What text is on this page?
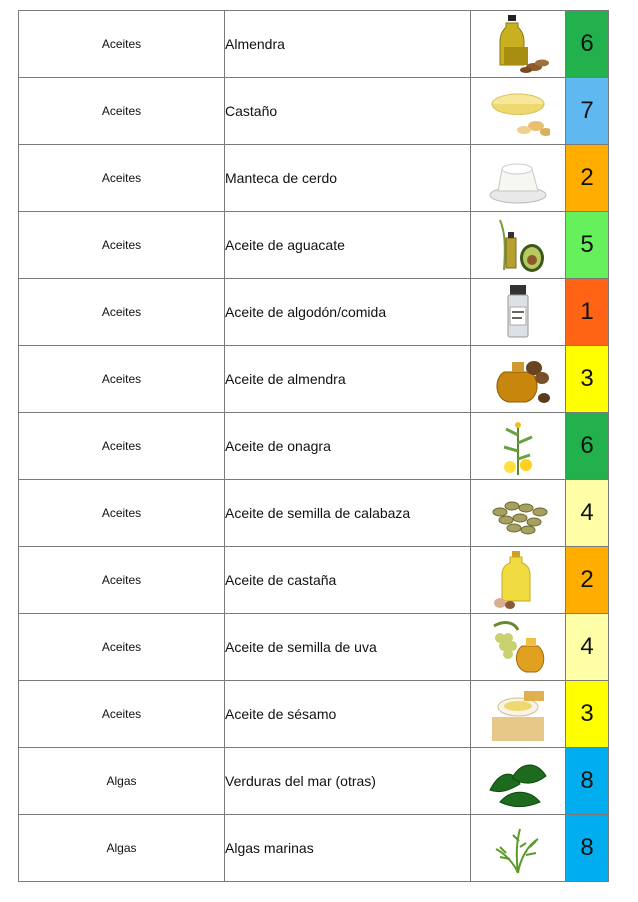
Aceites	Almendra		6
Aceites	Castaño		7
Aceites	Manteca de cerdo		2
Aceites	Aceite de aguacate		5
Aceites	Aceite de algodón/comida		1
Aceites	Aceite de almendra		3
Aceites	Aceite de onagra		6
Aceites	Aceite de semilla de calabaza		4
Aceites	Aceite de castaña		2
Aceites	Aceite de semilla de uva		4
Aceites	Aceite de sésamo		3
Algas	Verduras del mar (otras)		8
Algas	Algas marinas		8
